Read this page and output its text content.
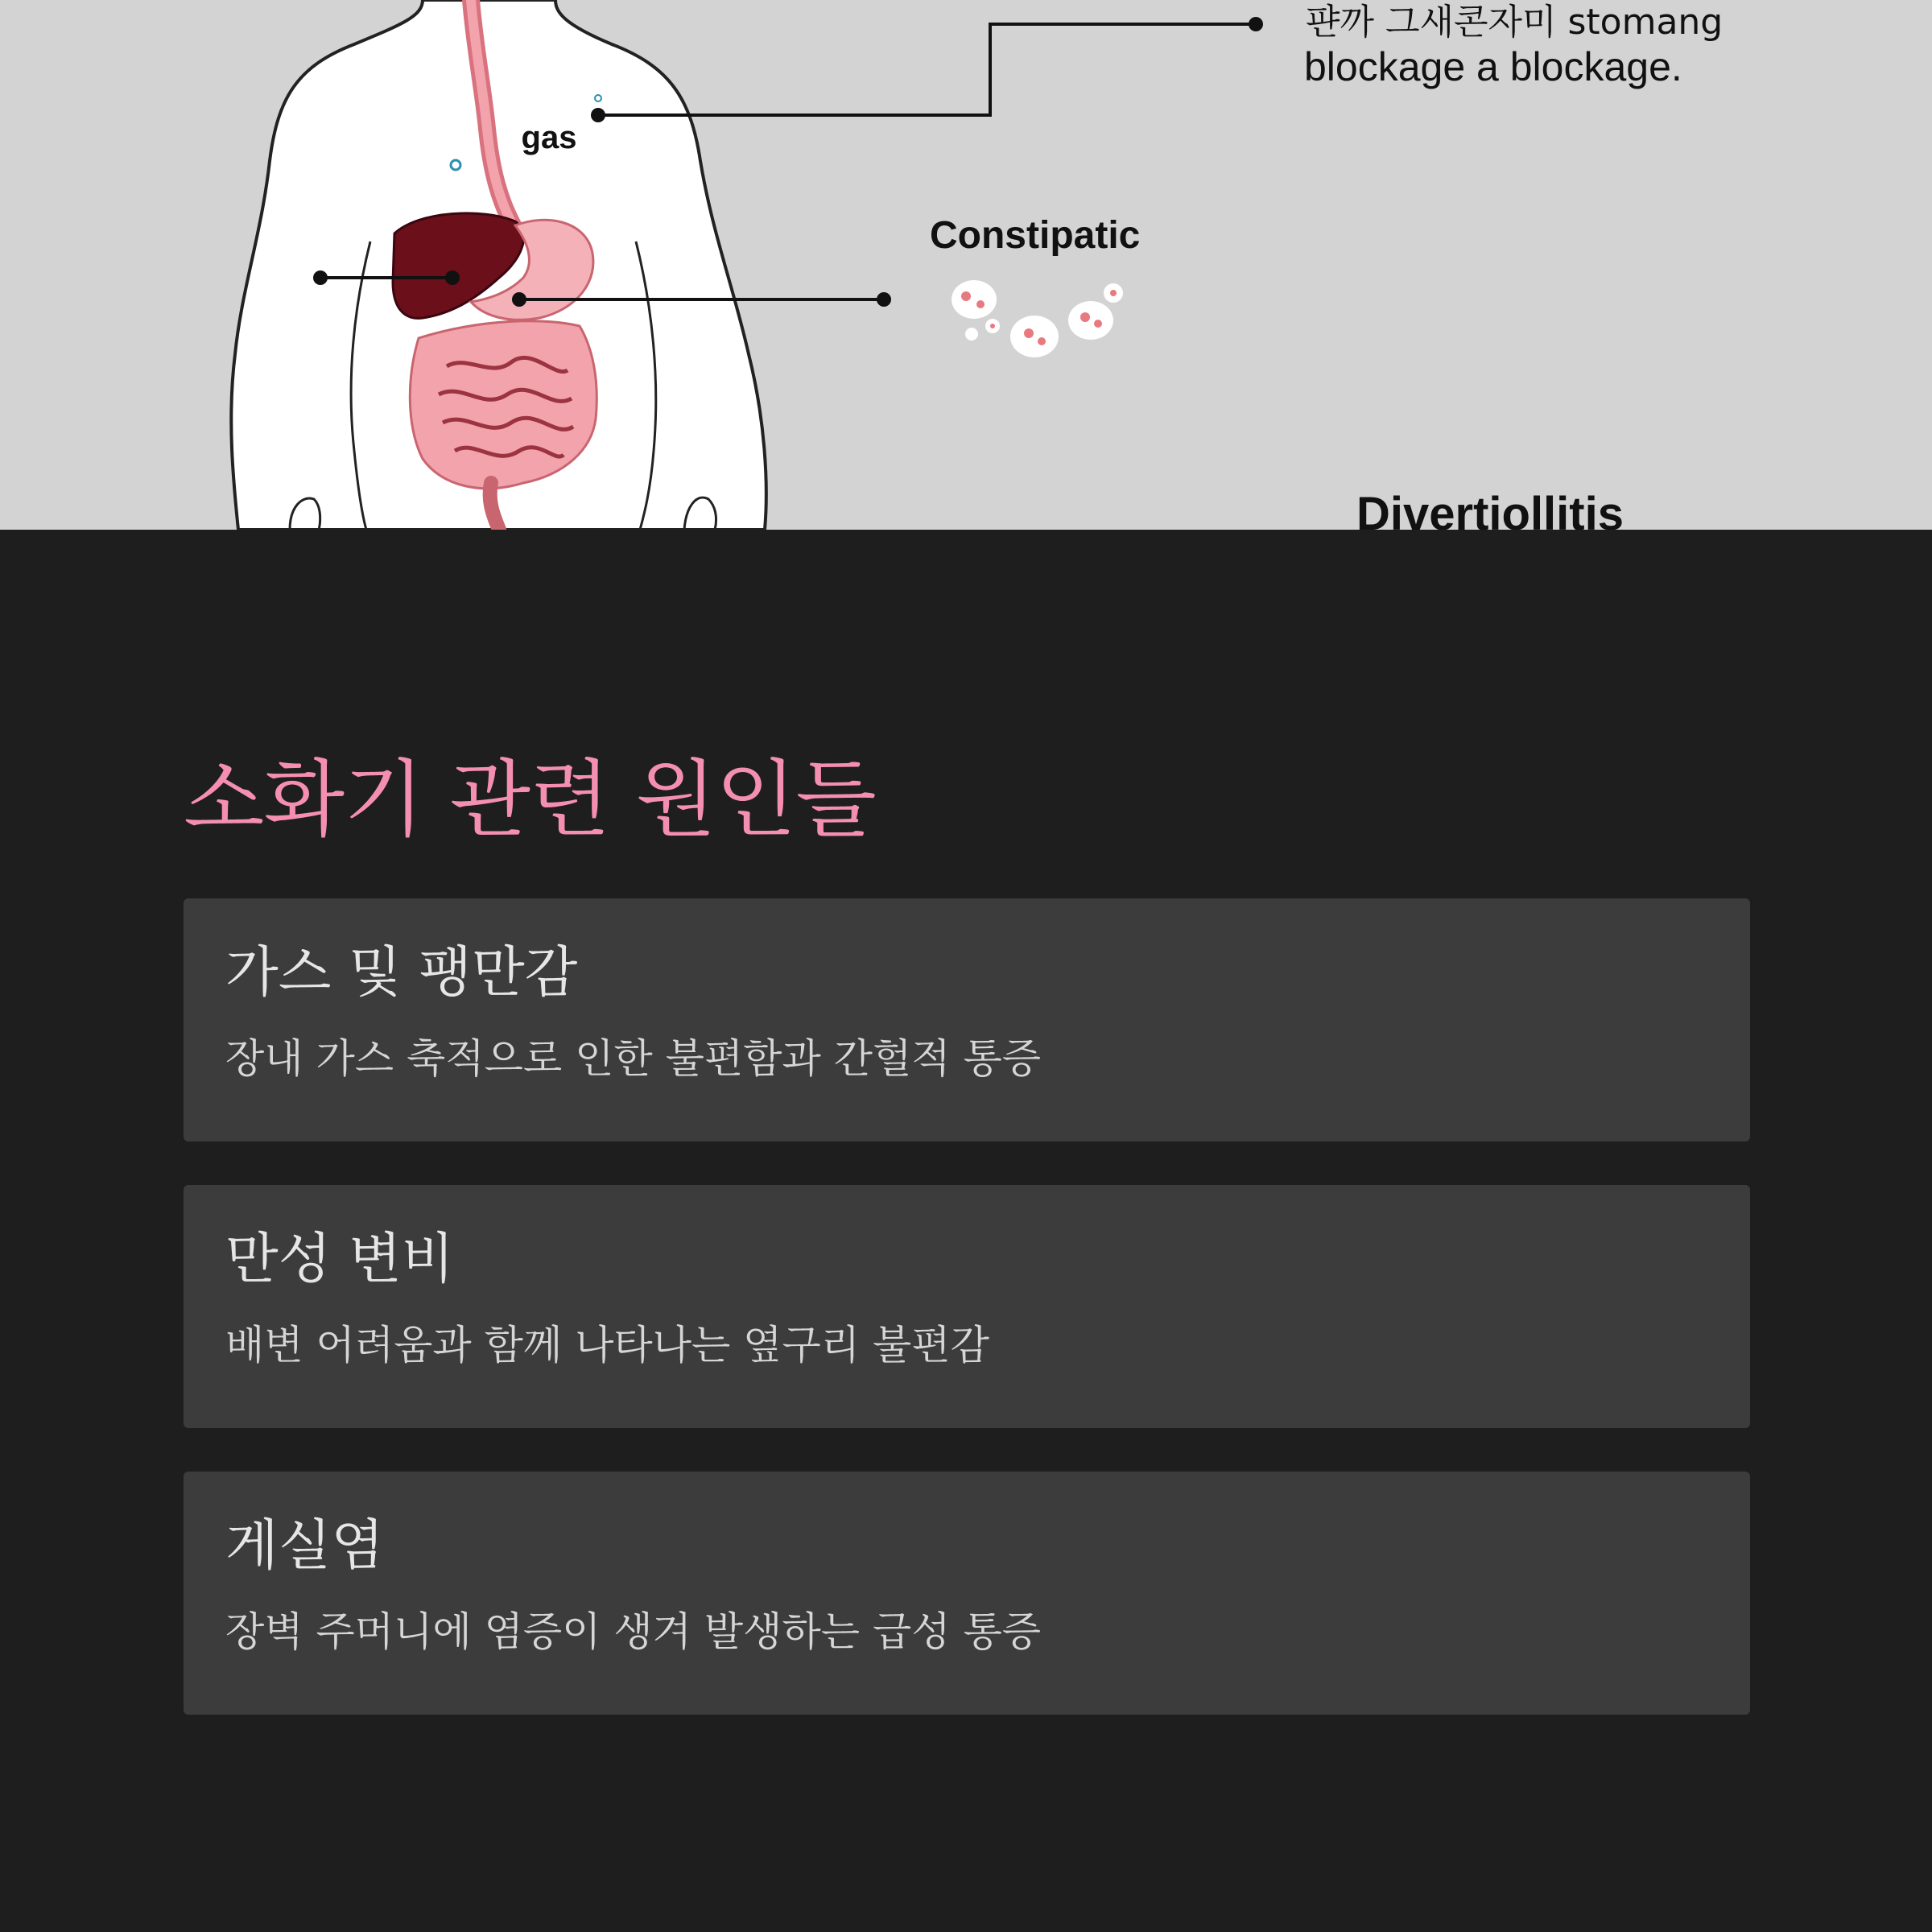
gas
퍈까 그새콘자미 stomang
blockage a blockage.
Constipatic
Divertiollitis
소화기 관련 원인들
가스 및 팽만감

장내 가스 축적으로 인한 불편함과 간헐적 통증

만성 변비

배변 어려움과 함께 나타나는 옆구리 불편감

게실염

장벽 주머니에 염증이 생겨 발생하는 급성 통증
